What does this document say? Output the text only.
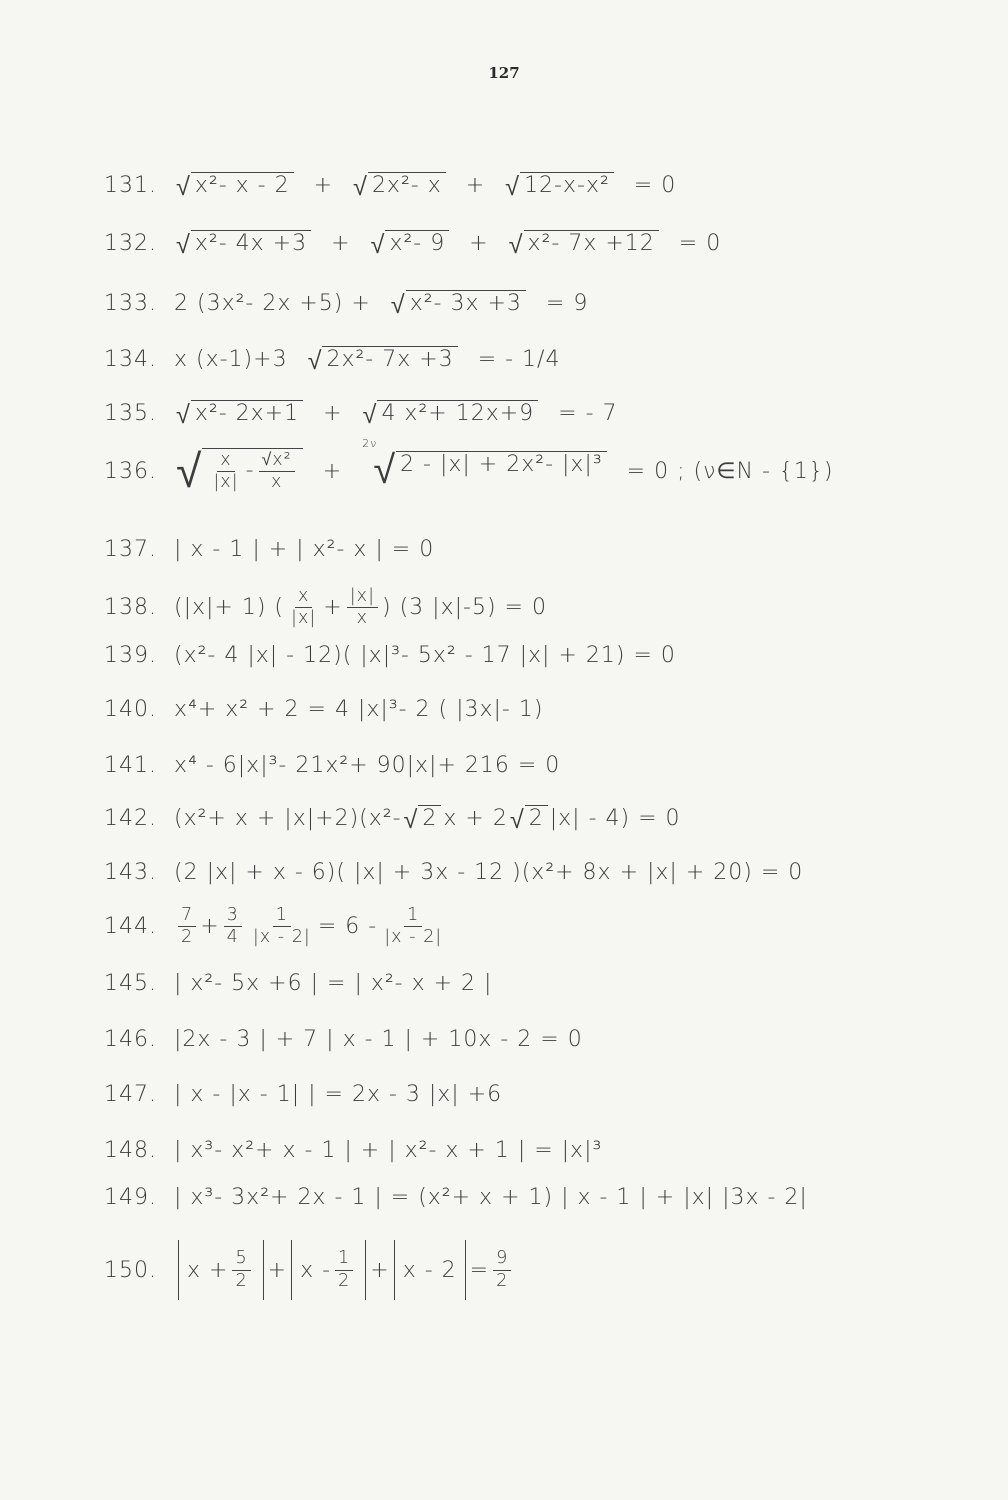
127
131. √ x²- x - 2 + √ 2x²- x + √ 12-x-x² = 0
132. √ x²- 4x +3 + √ x²- 9 + √ x²- 7x +12 = 0
133. 2 (3x²- 2x +5) + √ x²- 3x +3 = 9
134. x (x-1)+3 √ 2x²- 7x +3 = - 1/4
135. √ x²- 2x+1 + √ 4 x²+ 12x+9 = - 7
136. √ $\frac{x}{|x|} - \frac{\text{√x²}}{x}$ +
2ν
√ 2 - |x| + 2x²- |x|³ = 0 ; (ν∈N - {1})
137. | x - 1 | + | x²- x | = 0
138. (|x|+ 1) ( $\frac{x}{|x|} + \frac{|x|}{x}$ ) (3 |x|-5) = 0
139. (x²- 4 |x| - 12)( |x|³- 5x² - 17 |x| + 21) = 0
140. x⁴+ x² + 2 = 4 |x|³- 2 ( |3x|- 1)
141. x⁴ - 6|x|³- 21x²+ 90|x|+ 216 = 0
142. (x²+ x + |x|+2)(x²- √ 2 x + 2 √ 2 |x| - 4) = 0
143. (2 |x| + x - 6)( |x| + 3x - 12 )(x²+ 8x + |x| + 20) = 0
144.	$\frac{7}{2} + \frac{3}{4} \frac{1}{|x - 2|} = 6 - \frac{1}{|x - 2|}$
145. | x²- 5x +6 | = | x²- x + 2 |
146. |2x - 3 | + 7 | x - 1 | + 10x - 2 = 0
147. | x - |x - 1| | = 2x - 3 |x| +6
148. | x³- x²+ x - 1 | + | x²- x + 1 | = |x|³
149. | x³- 3x²+ 2x - 1 | = (x²+ x + 1) | x - 1 | + |x| |3x - 2|
150.	$x + \frac{5}{2} + x - \frac{1}{2} + x - 2 = \frac{9}{2}$
